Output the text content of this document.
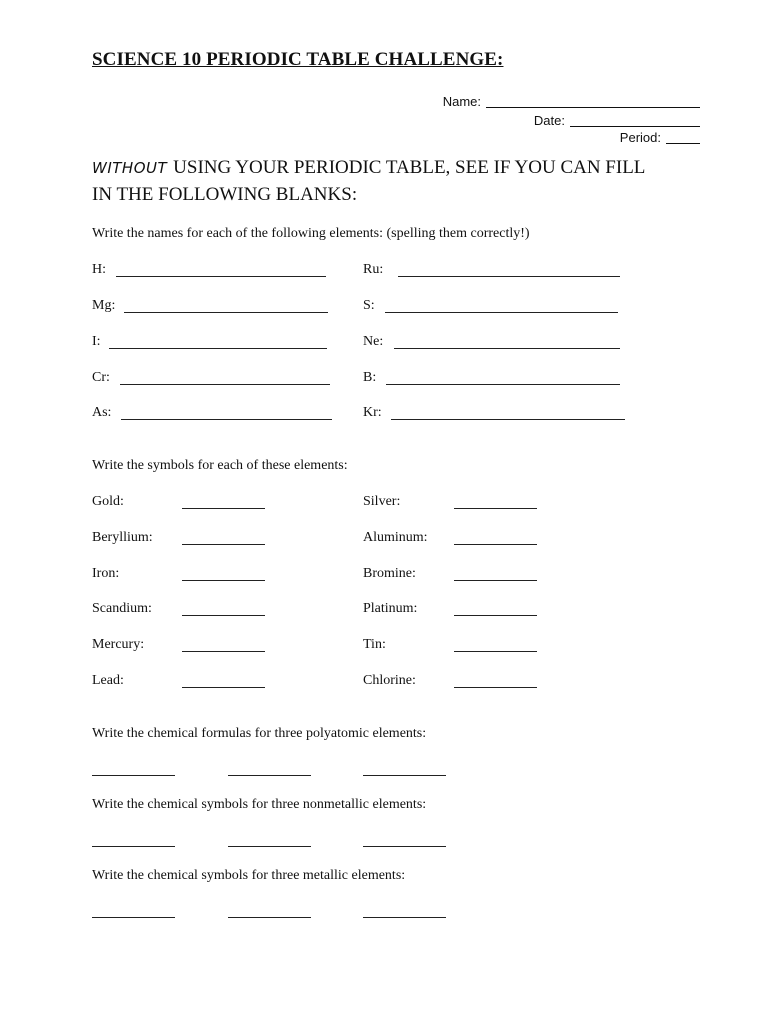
SCIENCE 10 PERIODIC TABLE CHALLENGE:
Name:
Date:
Period:
WITHOUT USING YOUR PERIODIC TABLE, SEE IF YOU CAN FILL
IN THE FOLLOWING BLANKS:
Write the names for each of the following elements: (spelling them correctly!)
H:	Ru:
Mg:	S:
I:	Ne:
Cr:	B:
As:	Kr:
Write the symbols for each of these elements:
Gold:	Silver:
Beryllium:	Aluminum:
Iron:	Bromine:
Scandium:	Platinum:
Mercury:	Tin:
Lead:	Chlorine:
Write the chemical formulas for three polyatomic elements:
Write the chemical symbols for three nonmetallic elements:
Write the chemical symbols for three metallic elements:
